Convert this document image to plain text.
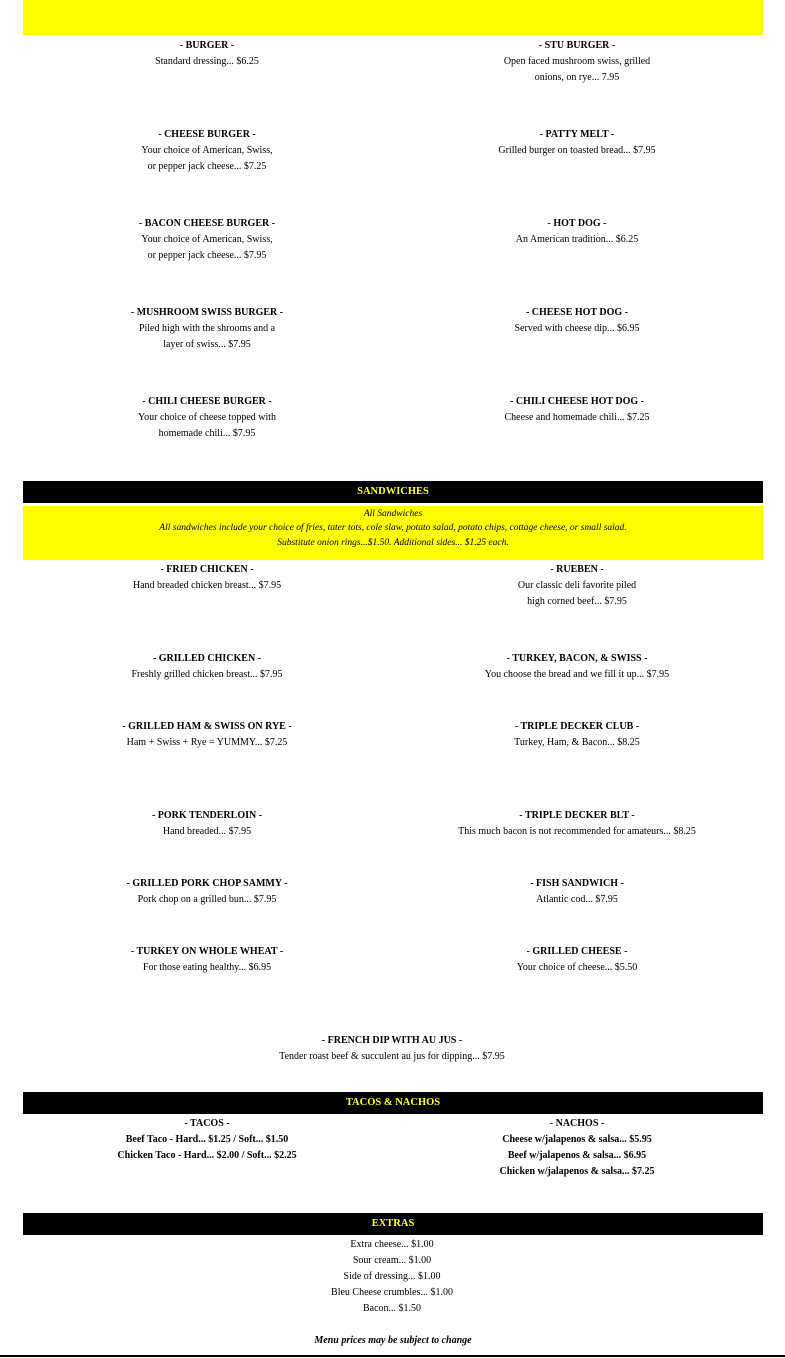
- BURGER -
Standard dressing... $6.25
- STU BURGER -
Open faced mushroom swiss, grilled
onions, on rye... 7.95
- CHEESE BURGER -
Your choice of American, Swiss,
or pepper jack cheese... $7.25
- PATTY MELT -
Grilled burger on toasted bread... $7.95
- BACON CHEESE BURGER -
Your choice of American, Swiss,
or pepper jack cheese... $7.95
- HOT DOG -
An American tradition... $6.25
- MUSHROOM SWISS BURGER -
Piled high with the shrooms and a
layer of swiss... $7.95
- CHEESE HOT DOG -
Served with cheese dip... $6.95
- CHILI CHEESE BURGER -
Your choice of cheese topped with
homemade chili... $7.95
- CHILI CHEESE HOT DOG -
Cheese and homemade chili... $7.25
SANDWICHES
All Sandwiches
All sandwiches include your choice of fries, tater tots, cole slaw, potato salad, potato chips, cottage cheese, or small salad.
Substitute onion rings...$1.50. Additional sides... $1.25 each.
- FRIED CHICKEN -
Hand breaded chicken breast... $7.95
- RUEBEN -
Our classic deli favorite piled
high corned beef... $7.95
- GRILLED CHICKEN -
Freshly grilled chicken breast... $7.95
- TURKEY, BACON, & SWISS -
You choose the bread and we fill it up... $7.95
- GRILLED HAM & SWISS ON RYE -
Ham + Swiss + Rye = YUMMY... $7.25
- TRIPLE DECKER CLUB -
Turkey, Ham, & Bacon... $8.25
- PORK TENDERLOIN -
Hand breaded... $7.95
- TRIPLE DECKER BLT -
This much bacon is not recommended for amateurs... $8.25
- GRILLED PORK CHOP SAMMY -
Pork chop on a grilled bun... $7.95
- FISH SANDWICH -
Atlantic cod... $7.95
- TURKEY ON WHOLE WHEAT -
For those eating healthy... $6.95
- GRILLED CHEESE -
Your choice of cheese... $5.50
- FRENCH DIP WITH AU JUS -
Tender roast beef & succulent au jus for dipping... $7.95
TACOS & NACHOS
- TACOS -
Beef Taco - Hard... $1.25 / Soft... $1.50
Chicken Taco - Hard... $2.00 / Soft... $2.25
- NACHOS -
Cheese w/jalapenos & salsa... $5.95
Beef w/jalapenos & salsa... $6.95
Chicken w/jalapenos & salsa... $7.25
EXTRAS
Extra cheese... $1.00
Sour cream... $1.00
Side of dressing... $1.00
Bleu Cheese crumbles... $1.00
Bacon... $1.50
Menu prices may be subject to change
